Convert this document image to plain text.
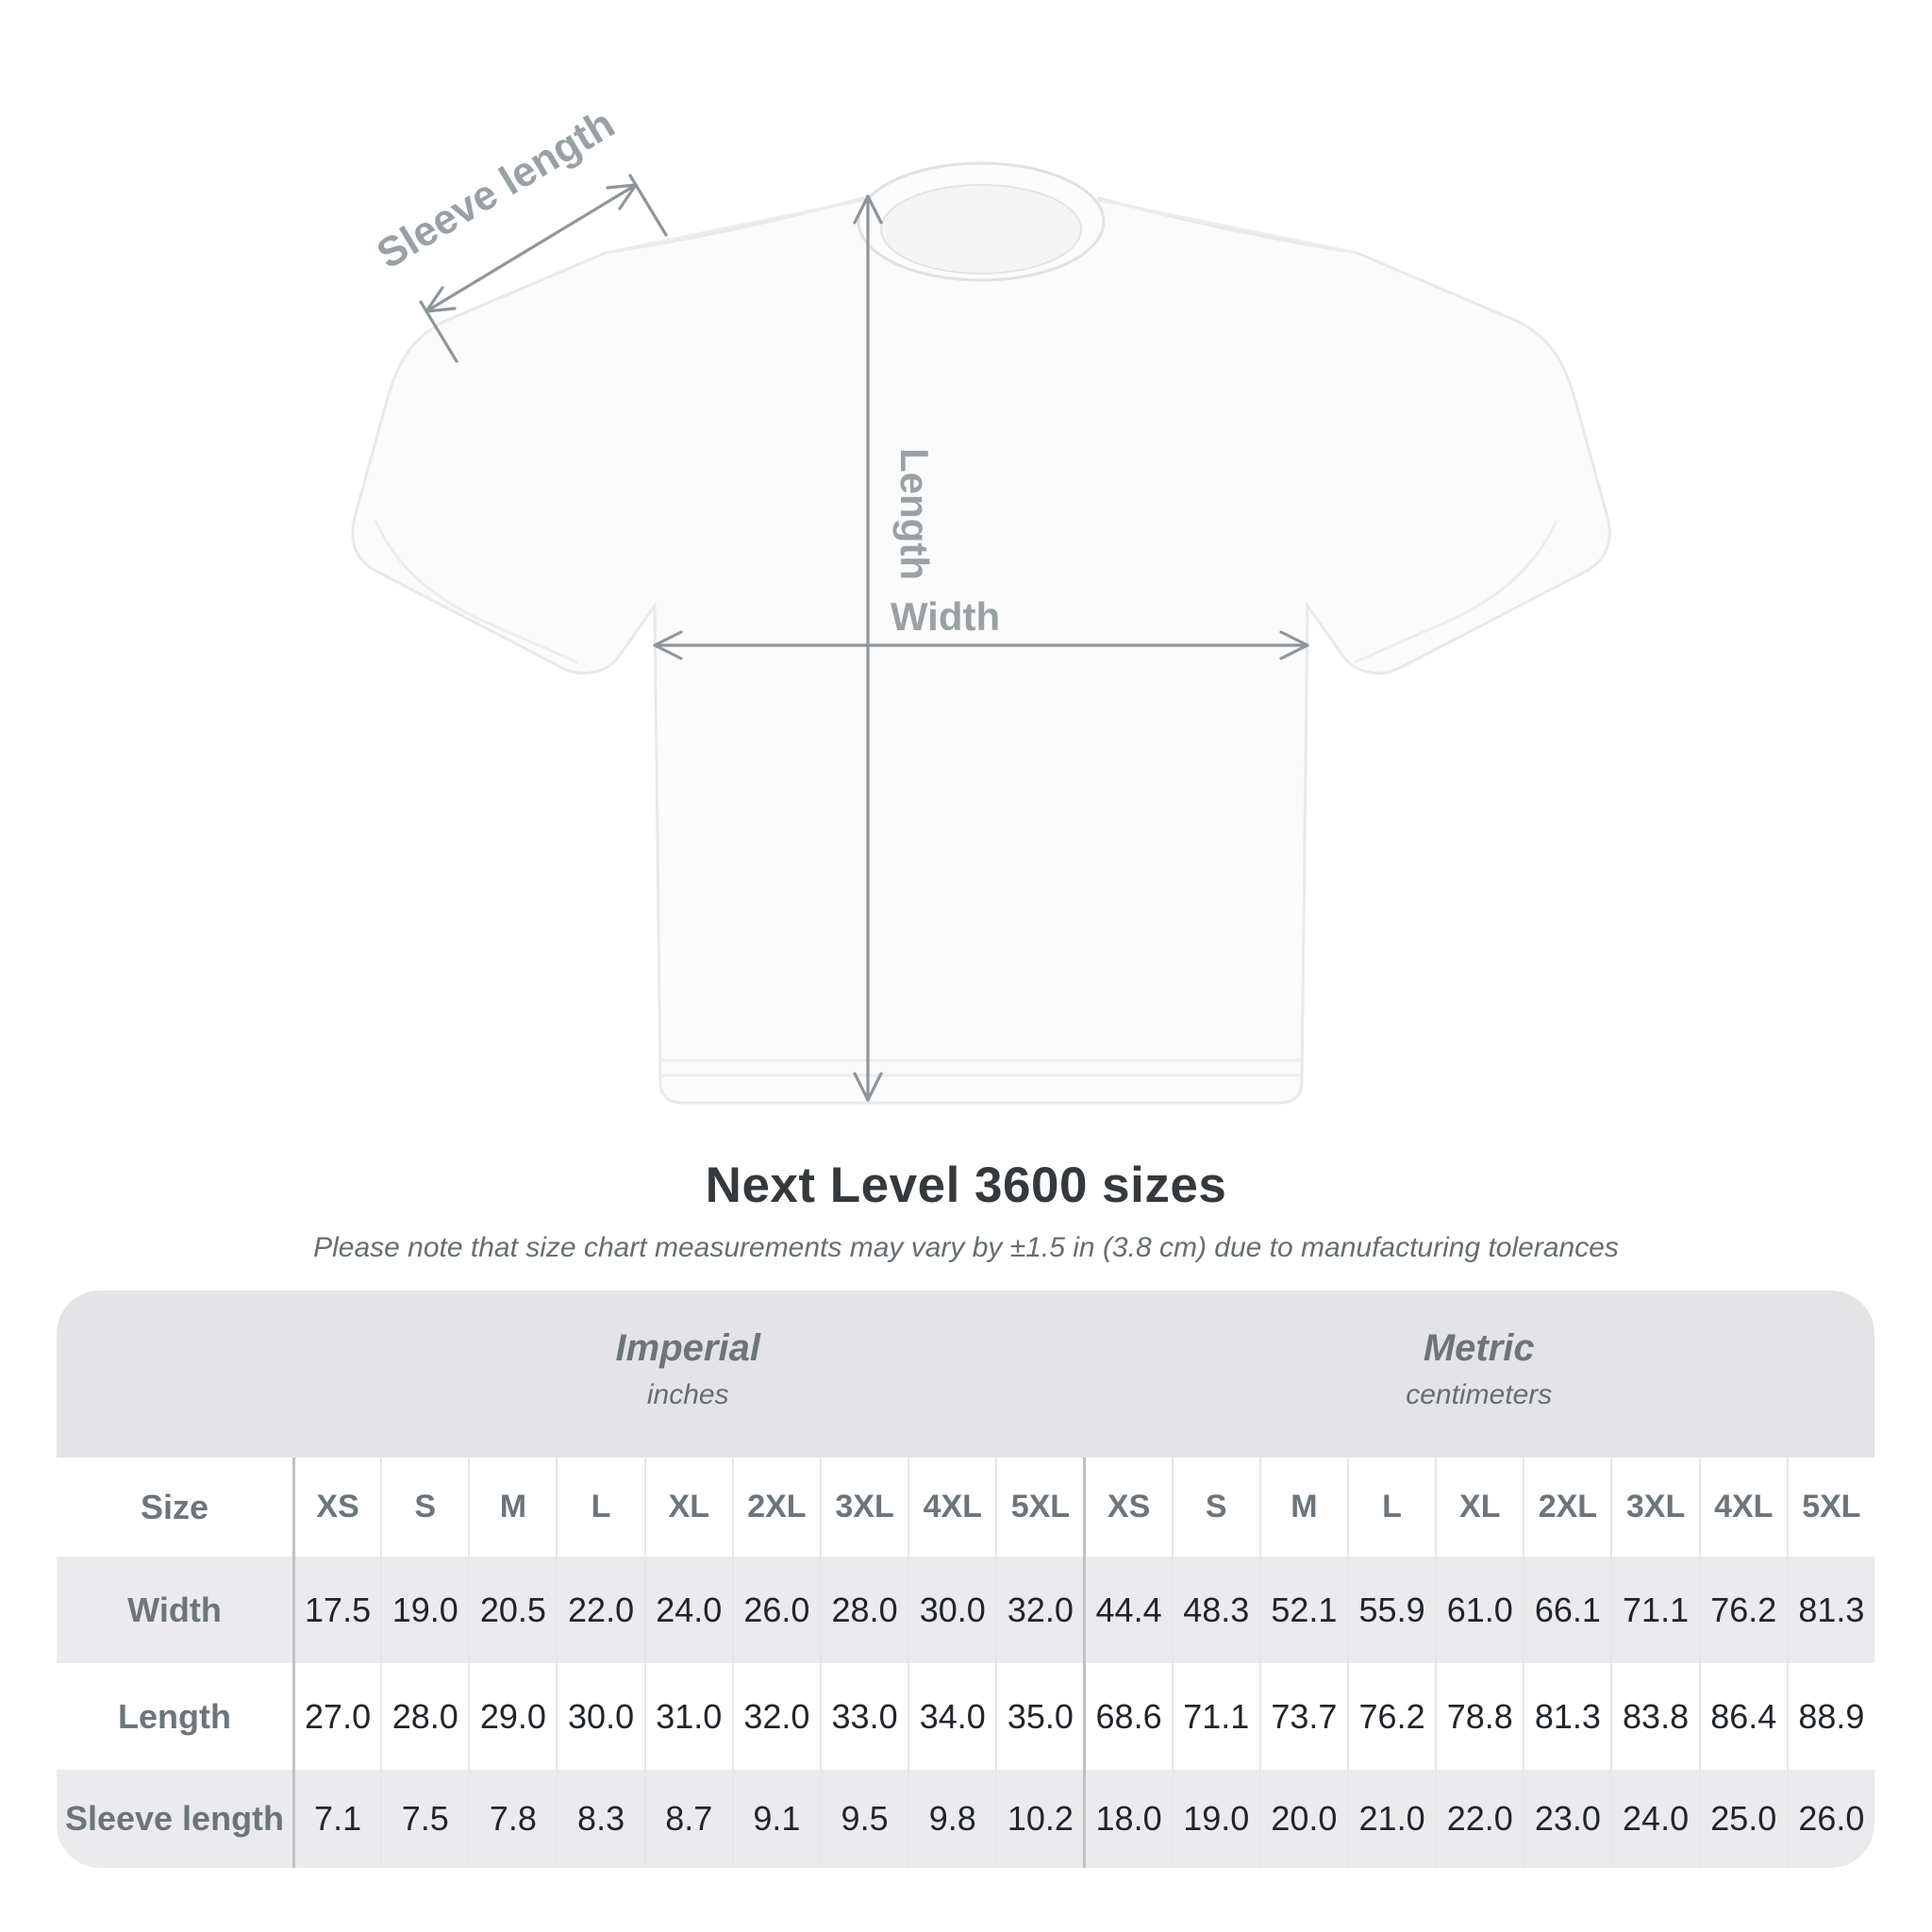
Sleeve length
Length
Width
Next Level 3600 sizes
Please note that size chart measurements may vary by ±1.5 in (3.8 cm) due to manufacturing tolerances
Imperial
inches
Metric
centimeters
Size	XS	S	M	L	XL	2XL 3XL 4XL 5XL	XS	S	M	L	XL	2XL 3XL 4XL 5XL
Width	17.5 19.0 20.5 22.0 24.0 26.0 28.0 30.0 32.0 44.4 48.3 52.1 55.9 61.0 66.1 71.1 76.2 81.3
Length	27.0 28.0 29.0 30.0 31.0 32.0 33.0 34.0 35.0 68.6 71.1 73.7 76.2 78.8 81.3 83.8 86.4 88.9
Sleeve length 7.1	7.5	7.8	8.3	8.7	9.1	9.5	9.8 10.2 18.0 19.0 20.0 21.0 22.0 23.0 24.0 25.0 26.0
